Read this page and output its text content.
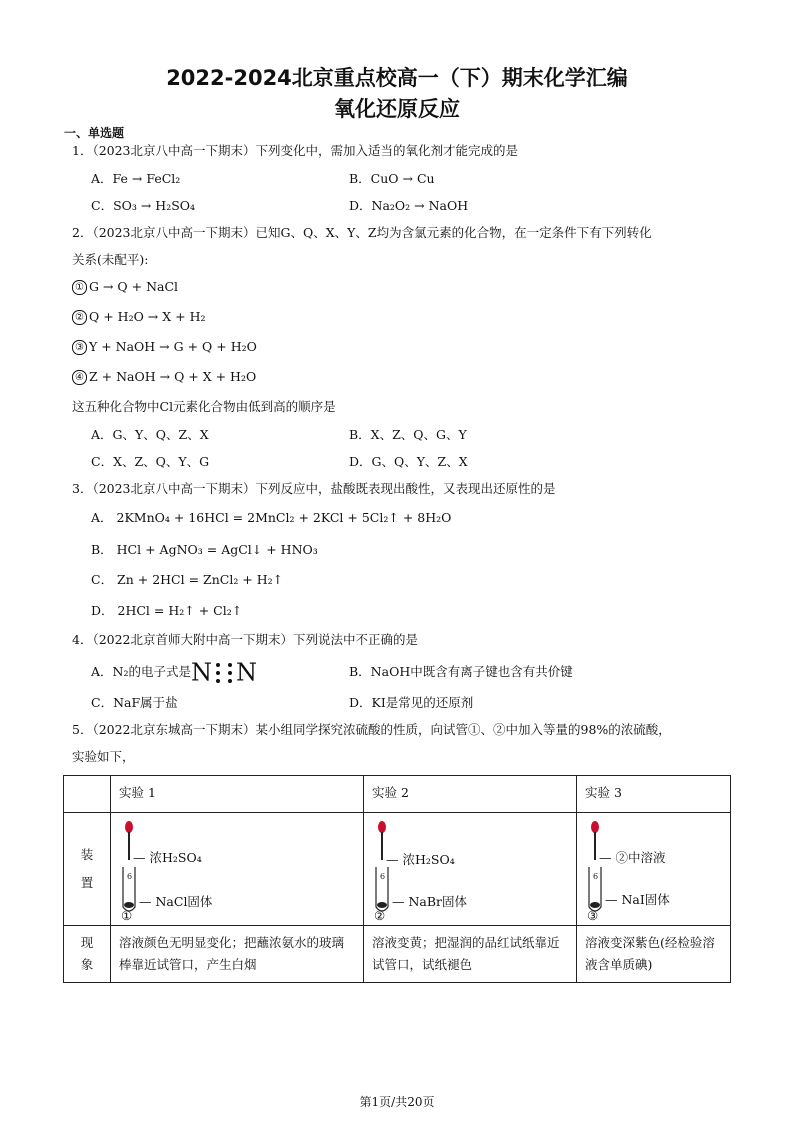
2022-2024北京重点校高一（下）期末化学汇编
氧化还原反应
一、单选题
1．（2023北京八中高一下期末）下列变化中，需加入适当的氧化剂才能完成的是
A．Fe → FeCl₂	B．CuO → Cu
C．SO₃ → H₂SO₄	D．Na₂O₂ → NaOH
2．（2023北京八中高一下期末）已知G、Q、X、Y、Z均为含氯元素的化合物，在一定条件下有下列转化
关系(未配平):
① G → Q + NaCl
② Q + H₂O → X + H₂
③ Y + NaOH → G + Q + H₂O
④ Z + NaOH → Q + X + H₂O
这五种化合物中Cl元素化合物由低到高的顺序是
A．G、Y、Q、Z、X	B．X、Z、Q、G、Y
C．X、Z、Q、Y、G	D．G、Q、Y、Z、X
3．（2023北京八中高一下期末）下列反应中，盐酸既表现出酸性，又表现出还原性的是
A． 2KMnO₄ + 16HCl = 2MnCl₂ + 2KCl + 5Cl₂↑ + 8H₂O
B． HCl + AgNO₃ = AgCl↓ + HNO₃
C． Zn + 2HCl = ZnCl₂ + H₂↑
D． 2HCl = H₂↑ + Cl₂↑
4．（2022北京首师大附中高一下期末）下列说法中不正确的是
A．N₂的电子式是N N	B．NaOH中既含有离子键也含有共价键
C．NaF属于盐	D．KI是常见的还原剂
5．（2022北京东城高一下期末）某小组同学探究浓硫酸的性质，向试管①、②中加入等量的98%的浓硫酸，
实验如下，
	实验 1	实验 2	实验 3

装置	6
— 浓H₂SO₄
— NaCl固体
①	6
— 浓H₂SO₄
— NaBr固体
②	6
— ②中溶液
— NaI固体
③

现象	溶液颜色无明显变化；把蘸浓氨水的玻璃棒靠近试管口，产生白烟	溶液变黄；把湿润的品红试纸靠近试管口，试纸褪色	溶液变深紫色(经检验溶液含单质碘)
第1页/共20页
